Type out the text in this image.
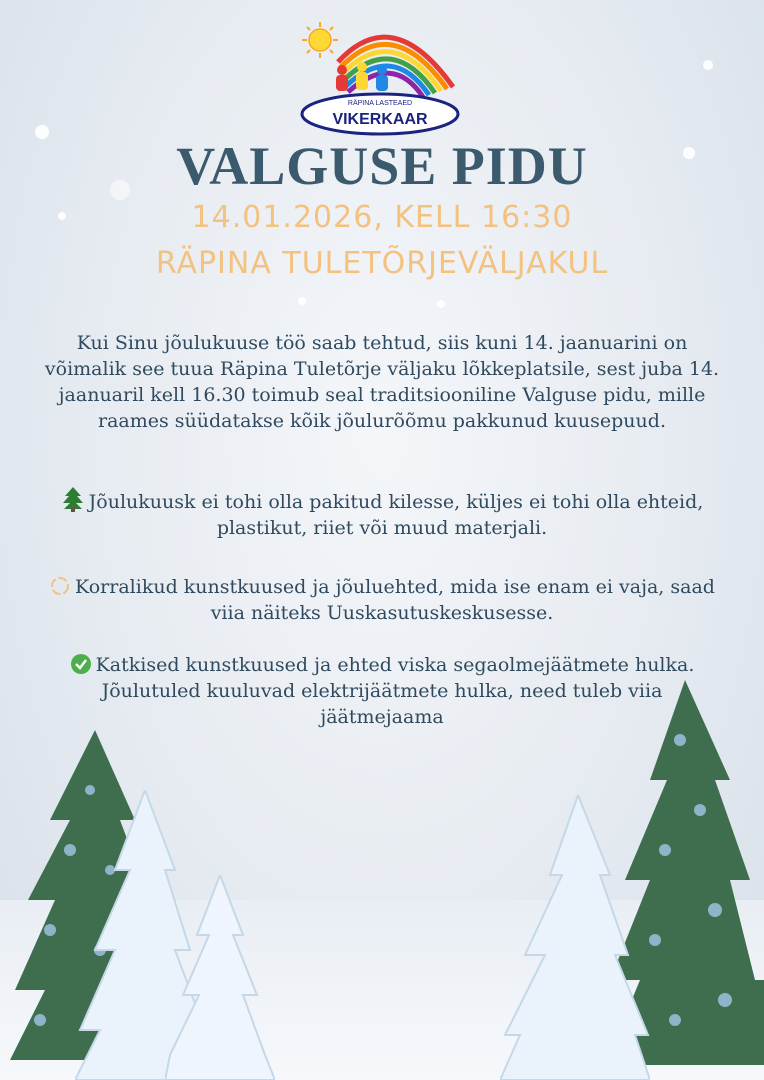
RÄPINA LASTEAED
VIKERKAAR
VALGUSE PIDU
14.01.2026, KELL 16:30
RÄPINA TULETÕRJEVÄLJAKUL

Kui Sinu jõulukuuse töö saab tehtud, siis kuni 14. jaanuarini on võimalik see tuua Räpina Tuletõrje väljaku lõkkeplatsile, sest juba 14. jaanuaril kell 16.30 toimub seal traditsiooniline Valguse pidu, mille raames süüdatakse kõik jõulurõõmu pakkunud kuusepuud.

Jõulukuusk ei tohi olla pakitud kilesse, küljes ei tohi olla ehteid, plastikut, riiet või muud materjali.

Korralikud kunstkuused ja jõuluehted, mida ise enam ei vaja, saad viia näiteks Uuskasutuskeskusesse.

Katkised kunstkuused ja ehted viska segaolmejäätmete hulka. Jõulutuled kuuluvad elektrijäätmete hulka, need tuleb viia jäätmejaama
